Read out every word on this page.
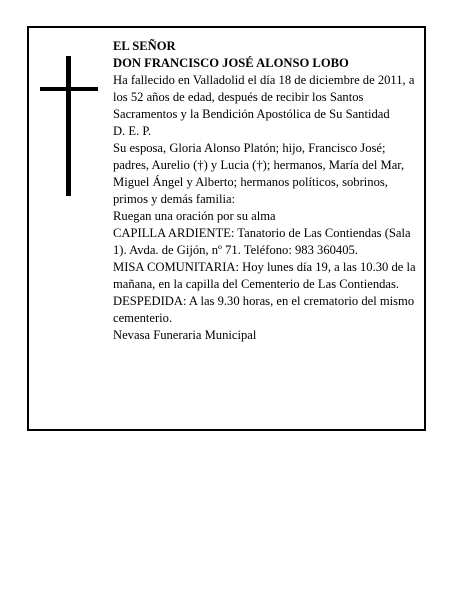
EL SEÑOR

DON FRANCISCO JOSÉ ALONSO LOBO

Ha fallecido en Valladolid el día 18 de diciembre de 2011, a los 52 años de edad, después de recibir los Santos Sacramentos y la Bendición Apostólica de Su Santidad

D. E. P.

Su esposa, Gloria Alonso Platón; hijo, Francisco José; padres, Aurelio (†) y Lucia (†); hermanos, María del Mar, Miguel Ángel y Alberto; hermanos políticos, sobrinos, primos y demás familia:

Ruegan una oración por su alma

CAPILLA ARDIENTE: Tanatorio de Las Contiendas (Sala 1). Avda. de Gijón, nº 71. Teléfono: 983 360405.

MISA COMUNITARIA: Hoy lunes día 19, a las 10.30 de la mañana, en la capilla del Cementerio de Las Contiendas.

DESPEDIDA: A las 9.30 horas, en el crematorio del mismo cementerio.

Nevasa Funeraria Municipal
